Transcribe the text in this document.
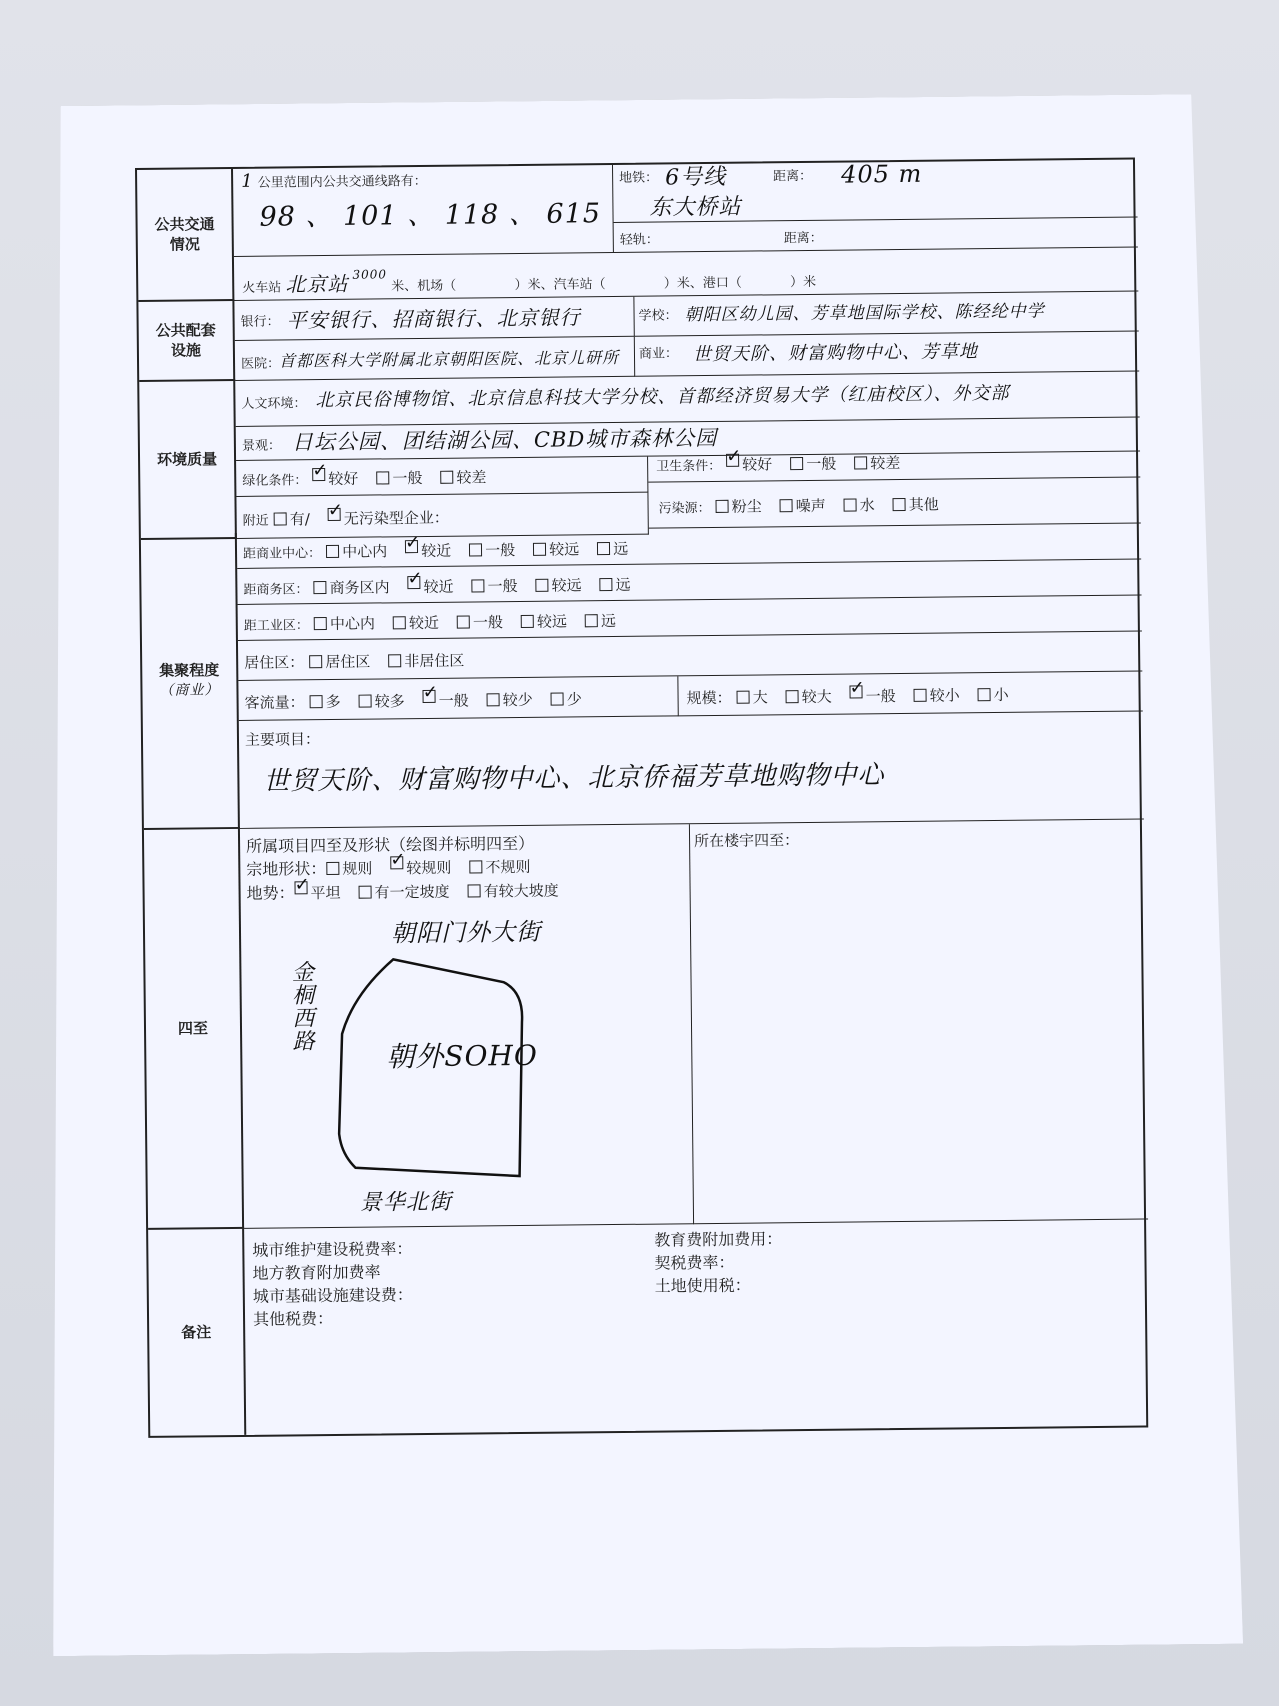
公共交通
情况
1 公里范围内公共交通线路有：
98 、 101 、 118 、 615
地铁： 6号线
东大桥站
距离： 405 m
轻轨：	距离：
火车站 北京站 3000 米、机场（	）米、汽车站（	）米、港口（	）米
公共配套
设施
银行： 平安银行、招商银行、北京银行	学校： 朝阳区幼儿园、芳草地国际学校、陈经纶中学
医院：
首都医科大学附属北京朝阳医院、北京儿研所 商业： 世贸天阶、财富购物中心、芳草地
环境质量
人文环境： 北京民俗博物馆、北京信息科技大学分校、首都经济贸易大学（红庙校区）、外交部
景观： 日坛公园、团结湖公园、CBD城市森林公园
绿化条件： ✓ 较好 一般 较差
卫生条件： ✓ 较好 一般 较差
附近 有/ ✓ 无污染型企业：	污染源： 粉尘 噪声 水 其他
集聚程度
（商业）
距商业中心： 中心内 ✓ 较近 一般 较远 远
距商务区： 商务区内 ✓ 较近 一般 较远 远
距工业区： 中心内 较近 一般 较远 远
居住区： 居住区 非居住区
客流量： 多 较多 ✓ 一般 较少 少	规模： 大 较大 ✓ 一般 较小 小
主要项目：
世贸天阶、财富购物中心、北京侨福芳草地购物中心
四至
所属项目四至及形状（绘图并标明四至）
宗地形状： 规则 ✓ 较规则 不规则
地势： ✓ 平坦 有一定坡度 有较大坡度
朝阳门外大街
金桐西路
朝外SOHO
景华北街
所在楼宇四至：
备注
城市维护建设税费率：
地方教育附加费率
城市基础设施建设费：
其他税费：
教育费附加费用：
契税费率：
土地使用税：
